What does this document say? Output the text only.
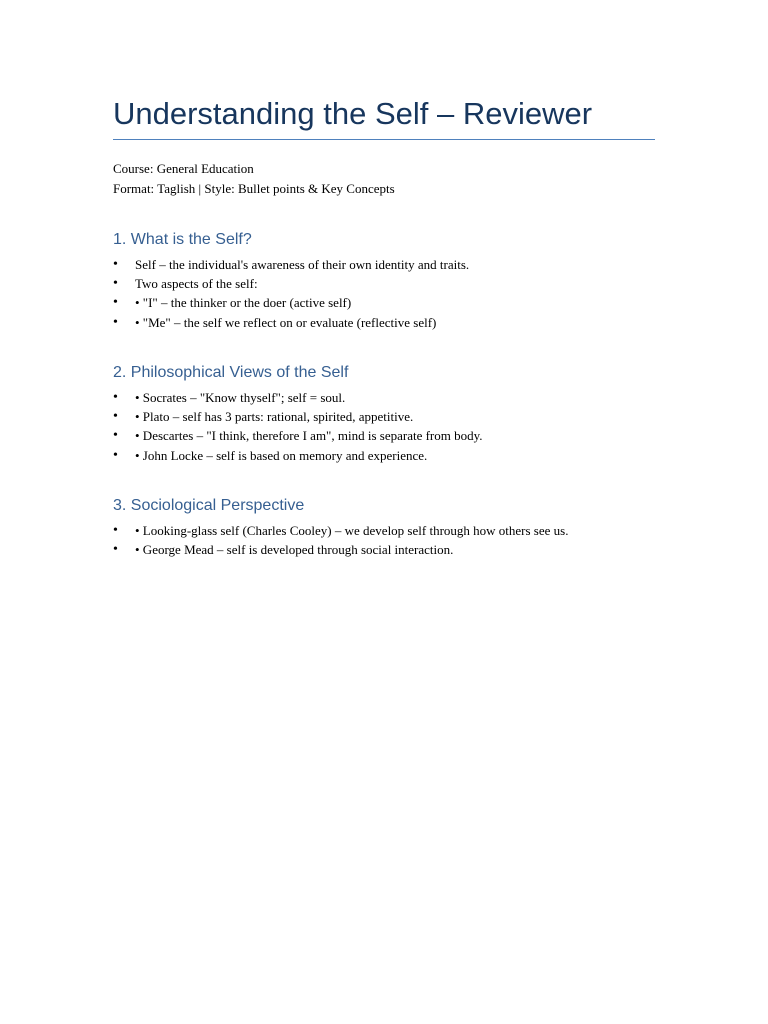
Understanding the Self – Reviewer
Course: General Education
Format: Taglish | Style: Bullet points & Key Concepts
1. What is the Self?
• Self – the individual's awareness of their own identity and traits.
• Two aspects of the self:
• • "I" – the thinker or the doer (active self)
• • "Me" – the self we reflect on or evaluate (reflective self)
2. Philosophical Views of the Self
• • Socrates – "Know thyself"; self = soul.
• • Plato – self has 3 parts: rational, spirited, appetitive.
• • Descartes – "I think, therefore I am", mind is separate from body.
• • John Locke – self is based on memory and experience.
3. Sociological Perspective
• • Looking-glass self (Charles Cooley) – we develop self through how others see us.
• • George Mead – self is developed through social interaction.
